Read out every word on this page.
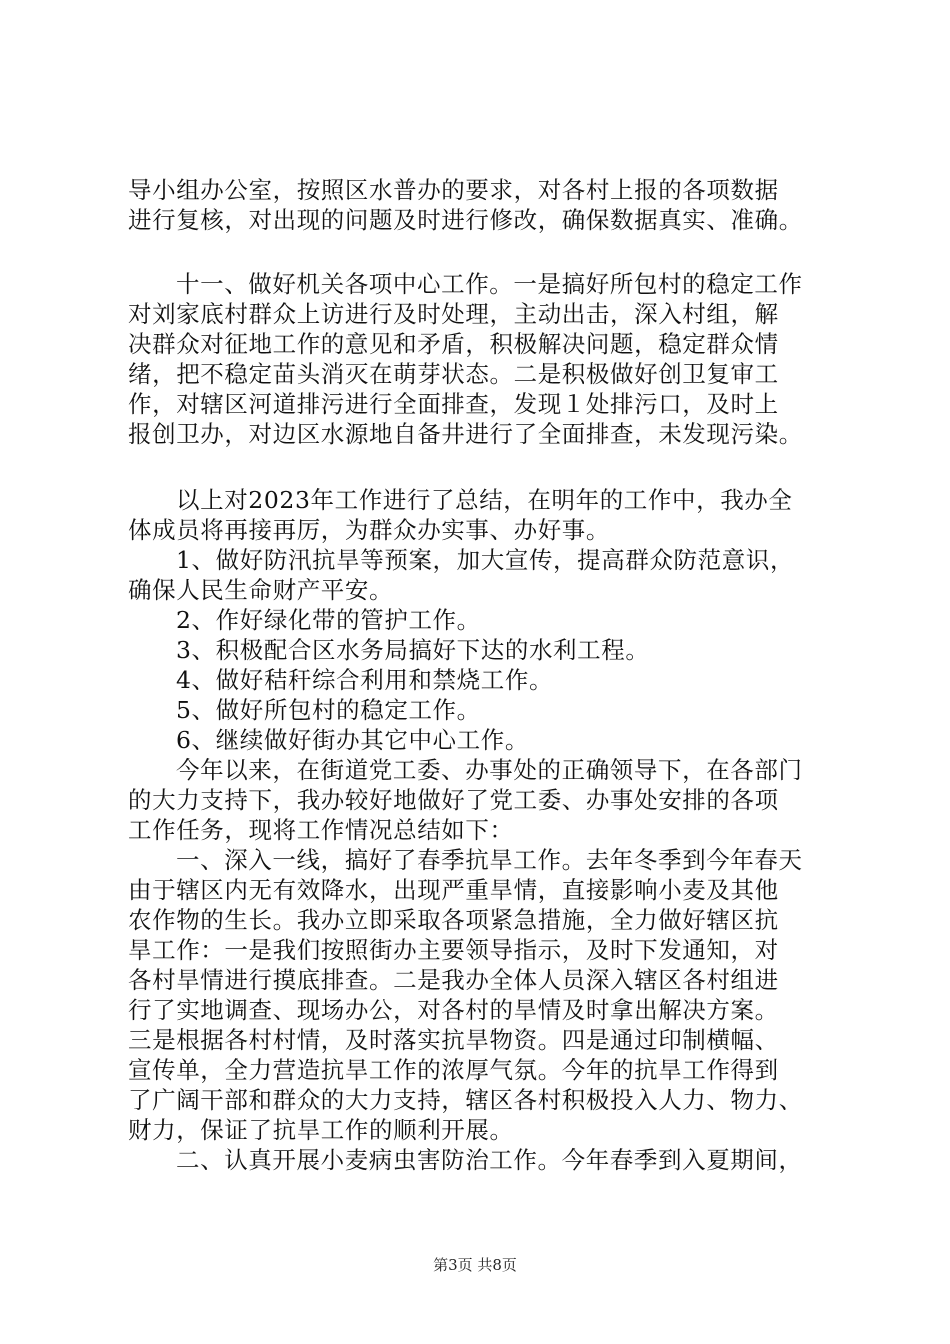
导小组办公室，按照区水普办的要求，对各村上报的各项数据
进行复核，对出现的问题及时进行修改，确保数据真实、准确。
十一、做好机关各项中心工作。一是搞好所包村的稳定工作
对刘家底村群众上访进行及时处理，主动出击，深入村组，解
决群众对征地工作的意见和矛盾，积极解决问题，稳定群众情
绪，把不稳定苗头消灭在萌芽状态。二是积极做好创卫复审工
作，对辖区河道排污进行全面排查，发现１处排污口，及时上
报创卫办，对边区水源地自备井进行了全面排查，未发现污染。
以上对2023年工作进行了总结，在明年的工作中，我办全
体成员将再接再厉，为群众办实事、办好事。
1、做好防汛抗旱等预案，加大宣传，提高群众防范意识，
确保人民生命财产平安。
2、作好绿化带的管护工作。
3、积极配合区水务局搞好下达的水利工程。
4、做好秸秆综合利用和禁烧工作。
5、做好所包村的稳定工作。
6、继续做好街办其它中心工作。
今年以来，在街道党工委、办事处的正确领导下，在各部门
的大力支持下，我办较好地做好了党工委、办事处安排的各项
工作任务，现将工作情况总结如下：
一、深入一线，搞好了春季抗旱工作。去年冬季到今年春天
由于辖区内无有效降水，出现严重旱情，直接影响小麦及其他
农作物的生长。我办立即采取各项紧急措施，全力做好辖区抗
旱工作：一是我们按照街办主要领导指示，及时下发通知，对
各村旱情进行摸底排查。二是我办全体人员深入辖区各村组进
行了实地调查、现场办公，对各村的旱情及时拿出解决方案。
三是根据各村村情，及时落实抗旱物资。四是通过印制横幅、
宣传单，全力营造抗旱工作的浓厚气氛。今年的抗旱工作得到
了广阔干部和群众的大力支持，辖区各村积极投入人力、物力、
财力，保证了抗旱工作的顺利开展。
二、认真开展小麦病虫害防治工作。今年春季到入夏期间，
第3页 共8页
